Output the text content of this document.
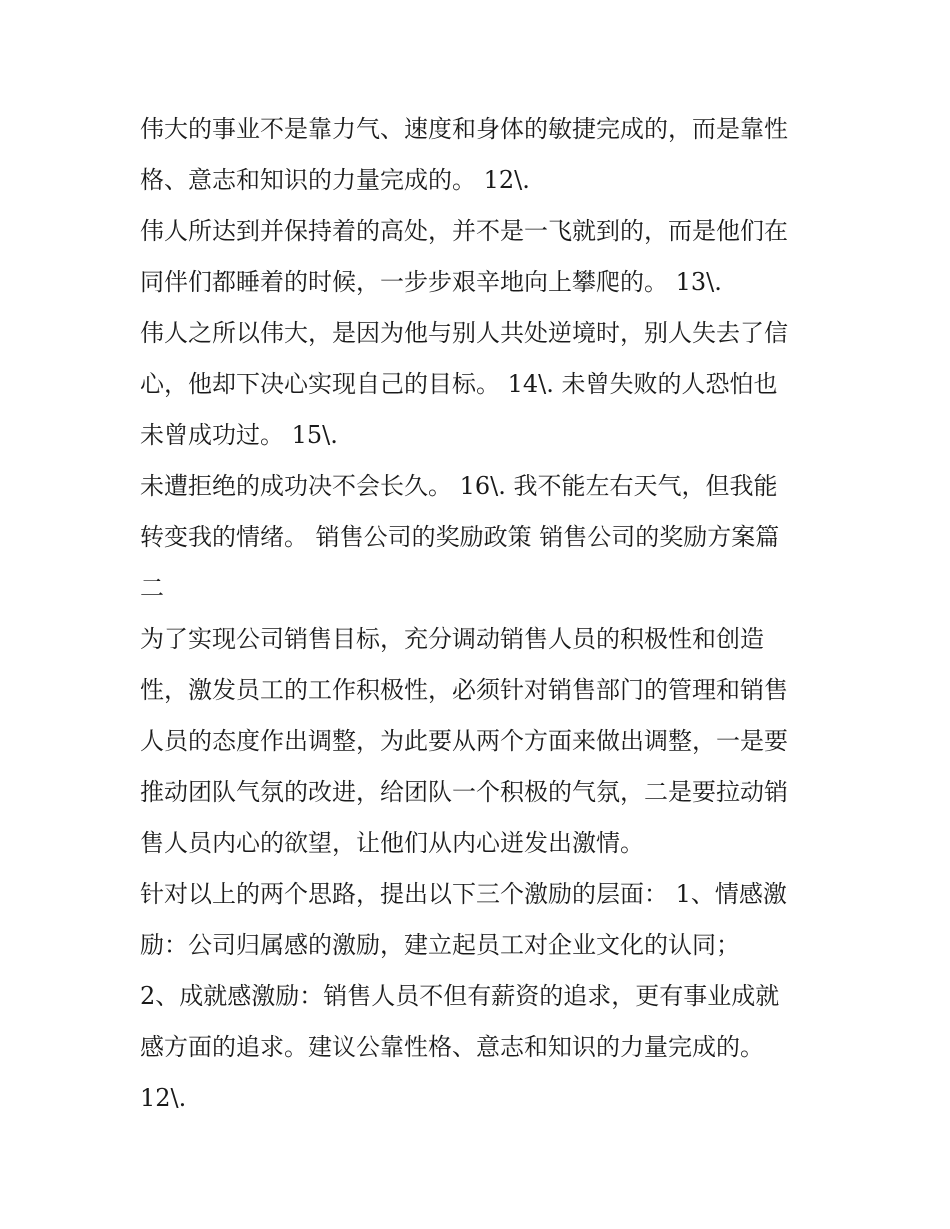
伟大的事业不是靠力气、速度和身体的敏捷完成的，而是靠性
格、意志和知识的力量完成的。 12\.
伟人所达到并保持着的高处，并不是一飞就到的，而是他们在
同伴们都睡着的时候，一步步艰辛地向上攀爬的。 13\.
伟人之所以伟大，是因为他与别人共处逆境时，别人失去了信
心，他却下决心实现自己的目标。 14\. 未曾失败的人恐怕也
未曾成功过。 15\.
未遭拒绝的成功决不会长久。 16\. 我不能左右天气，但我能
转变我的情绪。 销售公司的奖励政策 销售公司的奖励方案篇
二
为了实现公司销售目标，充分调动销售人员的积极性和创造
性，激发员工的工作积极性，必须针对销售部门的管理和销售
人员的态度作出调整，为此要从两个方面来做出调整，一是要
推动团队气氛的改进，给团队一个积极的气氛，二是要拉动销
售人员内心的欲望，让他们从内心迸发出激情。
针对以上的两个思路，提出以下三个激励的层面： 1、情感激
励：公司归属感的激励，建立起员工对企业文化的认同；
2、成就感激励：销售人员不但有薪资的追求，更有事业成就
感方面的追求。建议公靠性格、意志和知识的力量完成的。
12\.
